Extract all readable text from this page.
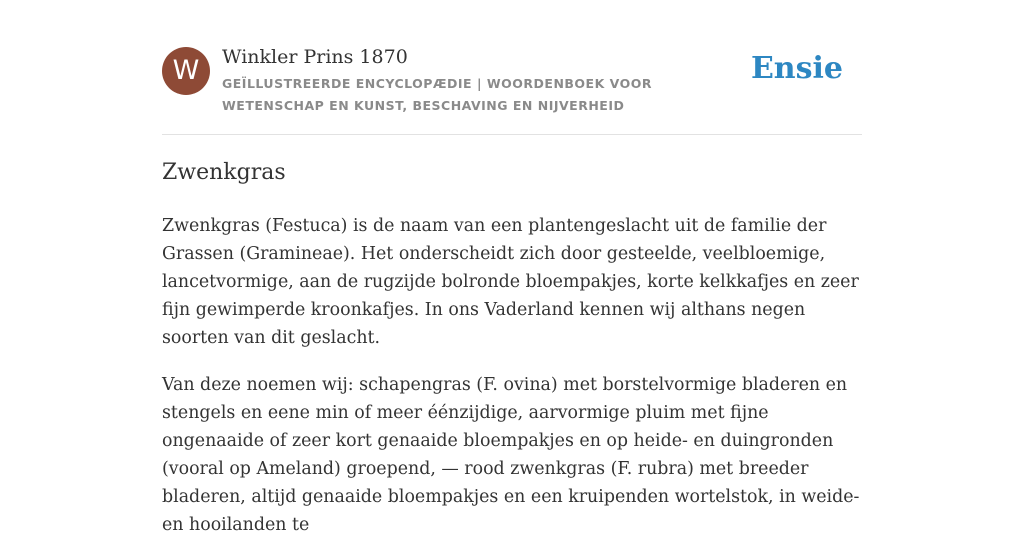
W	Winkler Prins 1870
GEÏLLUSTREERDE ENCYCLOPÆDIE | WOORDENBOEK VOOR WETENSCHAP EN KUNST, BESCHAVING EN NIJVERHEID
Ensie
Zwenkgras

Zwenkgras (Festuca) is de naam van een plantengeslacht uit de familie der Grassen (Gramineae). Het onderscheidt zich door gesteelde, veelbloemige, lancetvormige, aan de rugzijde bolronde bloempakjes, korte kelkkafjes en zeer fijn gewimperde kroonkafjes. In ons Vaderland kennen wij althans negen soorten van dit geslacht.

Van deze noemen wij: schapengras (F. ovina) met borstelvormige bladeren en stengels en eene min of meer éénzijdige, aarvormige pluim met fijne ongenaaide of zeer kort genaaide bloempakjes en op heide- en duingronden (vooral op Ameland) groepend, — rood zwenkgras (F. rubra) met breeder bladeren, altijd genaaide bloempakjes en een kruipenden wortelstok, in weide- en hooilanden te
